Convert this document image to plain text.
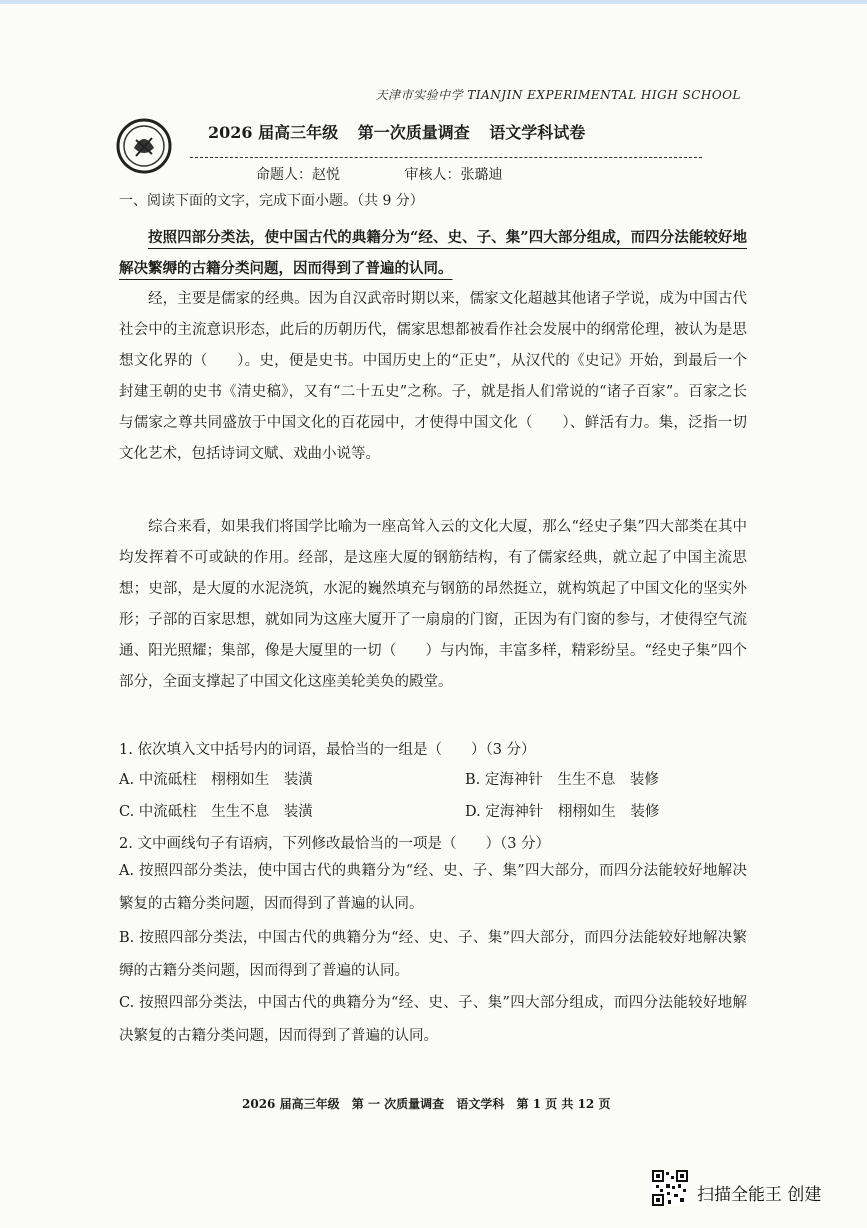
天津市实验中学 TIANJIN EXPERIMENTAL HIGH SCHOOL
2026 届高三年级 第一次质量调查 语文学科试卷
命题人：赵悦	审核人：张璐迪
一、阅读下面的文字，完成下面小题。（共 9 分）

按照四部分类法，使中国古代的典籍分为“经、史、子、集”四大部分组成，而四分法能较好地解决繁缛的古籍分类问题，因而得到了普遍的认同。

经，主要是儒家的经典。因为自汉武帝时期以来，儒家文化超越其他诸子学说，成为中国古代社会中的主流意识形态，此后的历朝历代，儒家思想都被看作社会发展中的纲常伦理，被认为是思想文化界的（　　）。史，便是史书。中国历史上的“正史”，从汉代的《史记》开始，到最后一个封建王朝的史书《清史稿》，又有“二十五史”之称。子，就是指人们常说的“诸子百家”。百家之长与儒家之尊共同盛放于中国文化的百花园中，才使得中国文化（　　）、鲜活有力。集，泛指一切文化艺术，包括诗词文赋、戏曲小说等。

综合来看，如果我们将国学比喻为一座高耸入云的文化大厦，那么“经史子集”四大部类在其中均发挥着不可或缺的作用。经部，是这座大厦的钢筋结构，有了儒家经典，就立起了中国主流思想；史部，是大厦的水泥浇筑，水泥的巍然填充与钢筋的昂然挺立，就构筑起了中国文化的坚实外形；子部的百家思想，就如同为这座大厦开了一扇扇的门窗，正因为有门窗的参与，才使得空气流通、阳光照耀；集部，像是大厦里的一切（　　）与内饰，丰富多样，精彩纷呈。“经史子集”四个部分，全面支撑起了中国文化这座美轮美奂的殿堂。

1. 依次填入文中括号内的词语，最恰当的一组是（　　）（3 分）
A. 中流砥柱　栩栩如生　装潢	B. 定海神针　生生不息　装修
C. 中流砥柱　生生不息　装潢	D. 定海神针　栩栩如生　装修
2. 文中画线句子有语病，下列修改最恰当的一项是（　　）（3 分）

A. 按照四部分类法，使中国古代的典籍分为“经、史、子、集”四大部分，而四分法能较好地解决繁复的古籍分类问题，因而得到了普遍的认同。

B. 按照四部分类法，中国古代的典籍分为“经、史、子、集”四大部分，而四分法能较好地解决繁缛的古籍分类问题，因而得到了普遍的认同。

C. 按照四部分类法，中国古代的典籍分为“经、史、子、集”四大部分组成，而四分法能较好地解决繁复的古籍分类问题，因而得到了普遍的认同。

2026 届高三年级 第 一 次质量调查 语文学科 第 1 页 共 12 页
扫描全能王 创建
